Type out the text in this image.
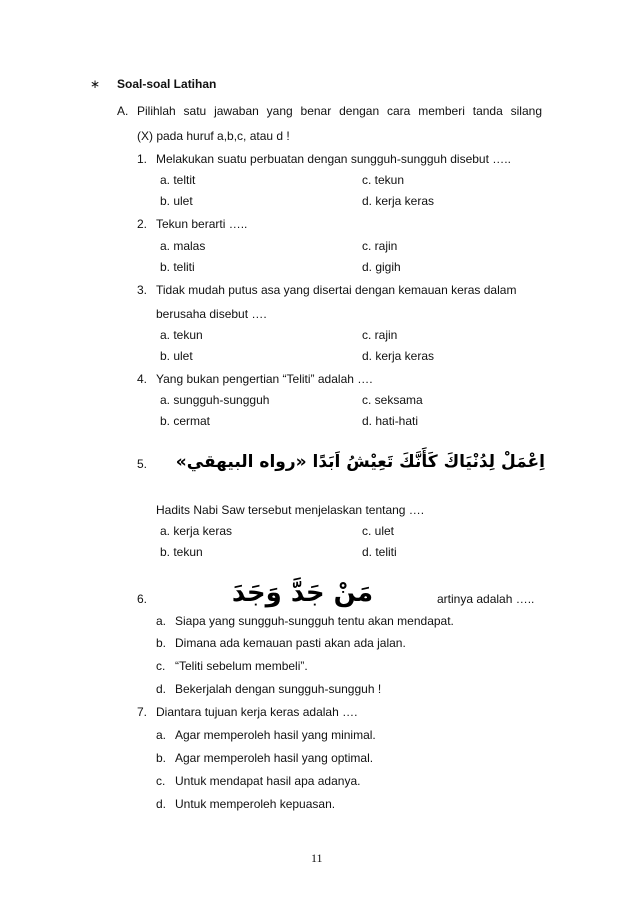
∗ Soal-soal Latihan
A. Pilihlah satu jawaban yang benar dengan cara memberi tanda silang
(X) pada huruf a,b,c, atau d !
1. Melakukan suatu perbuatan dengan sungguh-sungguh disebut …..
a. teltit	c. tekun
b. ulet	d. kerja keras
2. Tekun berarti …..
a. malas	c. rajin
b. teliti	d. gigih
3. Tidak mudah putus asa yang disertai dengan kemauan keras dalam
berusaha disebut ….
a. tekun	c. rajin
b. ulet	d. kerja keras
4. Yang bukan pengertian “Teliti” adalah ….
a. sungguh-sungguh	c. seksama
b. cermat	d. hati-hati
5. اِعْمَلْ لِدُنْيَاكَ كَأَنَّكَ تَعِيْشُ اَبَدًا «رواه البيهقي»
Hadits Nabi Saw tersebut menjelaskan tentang ….
a. kerja keras	c. ulet
b. tekun	d. teliti
6.	مَنْ جَدَّ وَجَدَ	artinya adalah …..
a. Siapa yang sungguh-sungguh tentu akan mendapat.
b. Dimana ada kemauan pasti akan ada jalan.
c. “Teliti sebelum membeli”.
d. Bekerjalah dengan sungguh-sungguh !
7. Diantara tujuan kerja keras adalah ….
a. Agar memperoleh hasil yang minimal.
b. Agar memperoleh hasil yang optimal.
c. Untuk mendapat hasil apa adanya.
d. Untuk memperoleh kepuasan.
11
